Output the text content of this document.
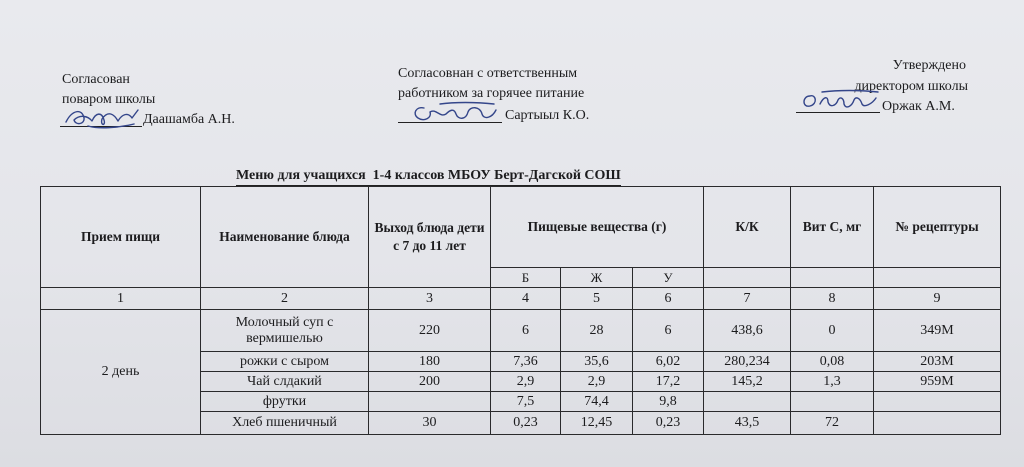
Согласован
поваром школы
Даашамба А.Н.
Согласовнан с ответственным
работником за горячее питание
Сартыыл К.О.
Утверждено
директором школы
Оржак А.М.
Меню для учащихся  1-4 классов МБОУ Берт-Дагской СОШ
Прием пищи	Наименование блюда	Выход блюда дети с 7 до 11 лет	Пищевые вещества (г)			К/К	Вит С, мг	№ рецептуры
			Б	Ж	У			
1	2	3	4	5	6	7	8	9
2 день	Молочный суп с вермишелью	220	6	28	6	438,6	0	349М
	рожки с сыром	180	7,36	35,6	6,02	280,234	0,08	203М
	Чай слдакий	200	2,9	2,9	17,2	145,2	1,3	959М
	фрутки		7,5	74,4	9,8			
	Хлеб пшеничный	30	0,23	12,45	0,23	43,5	72	
